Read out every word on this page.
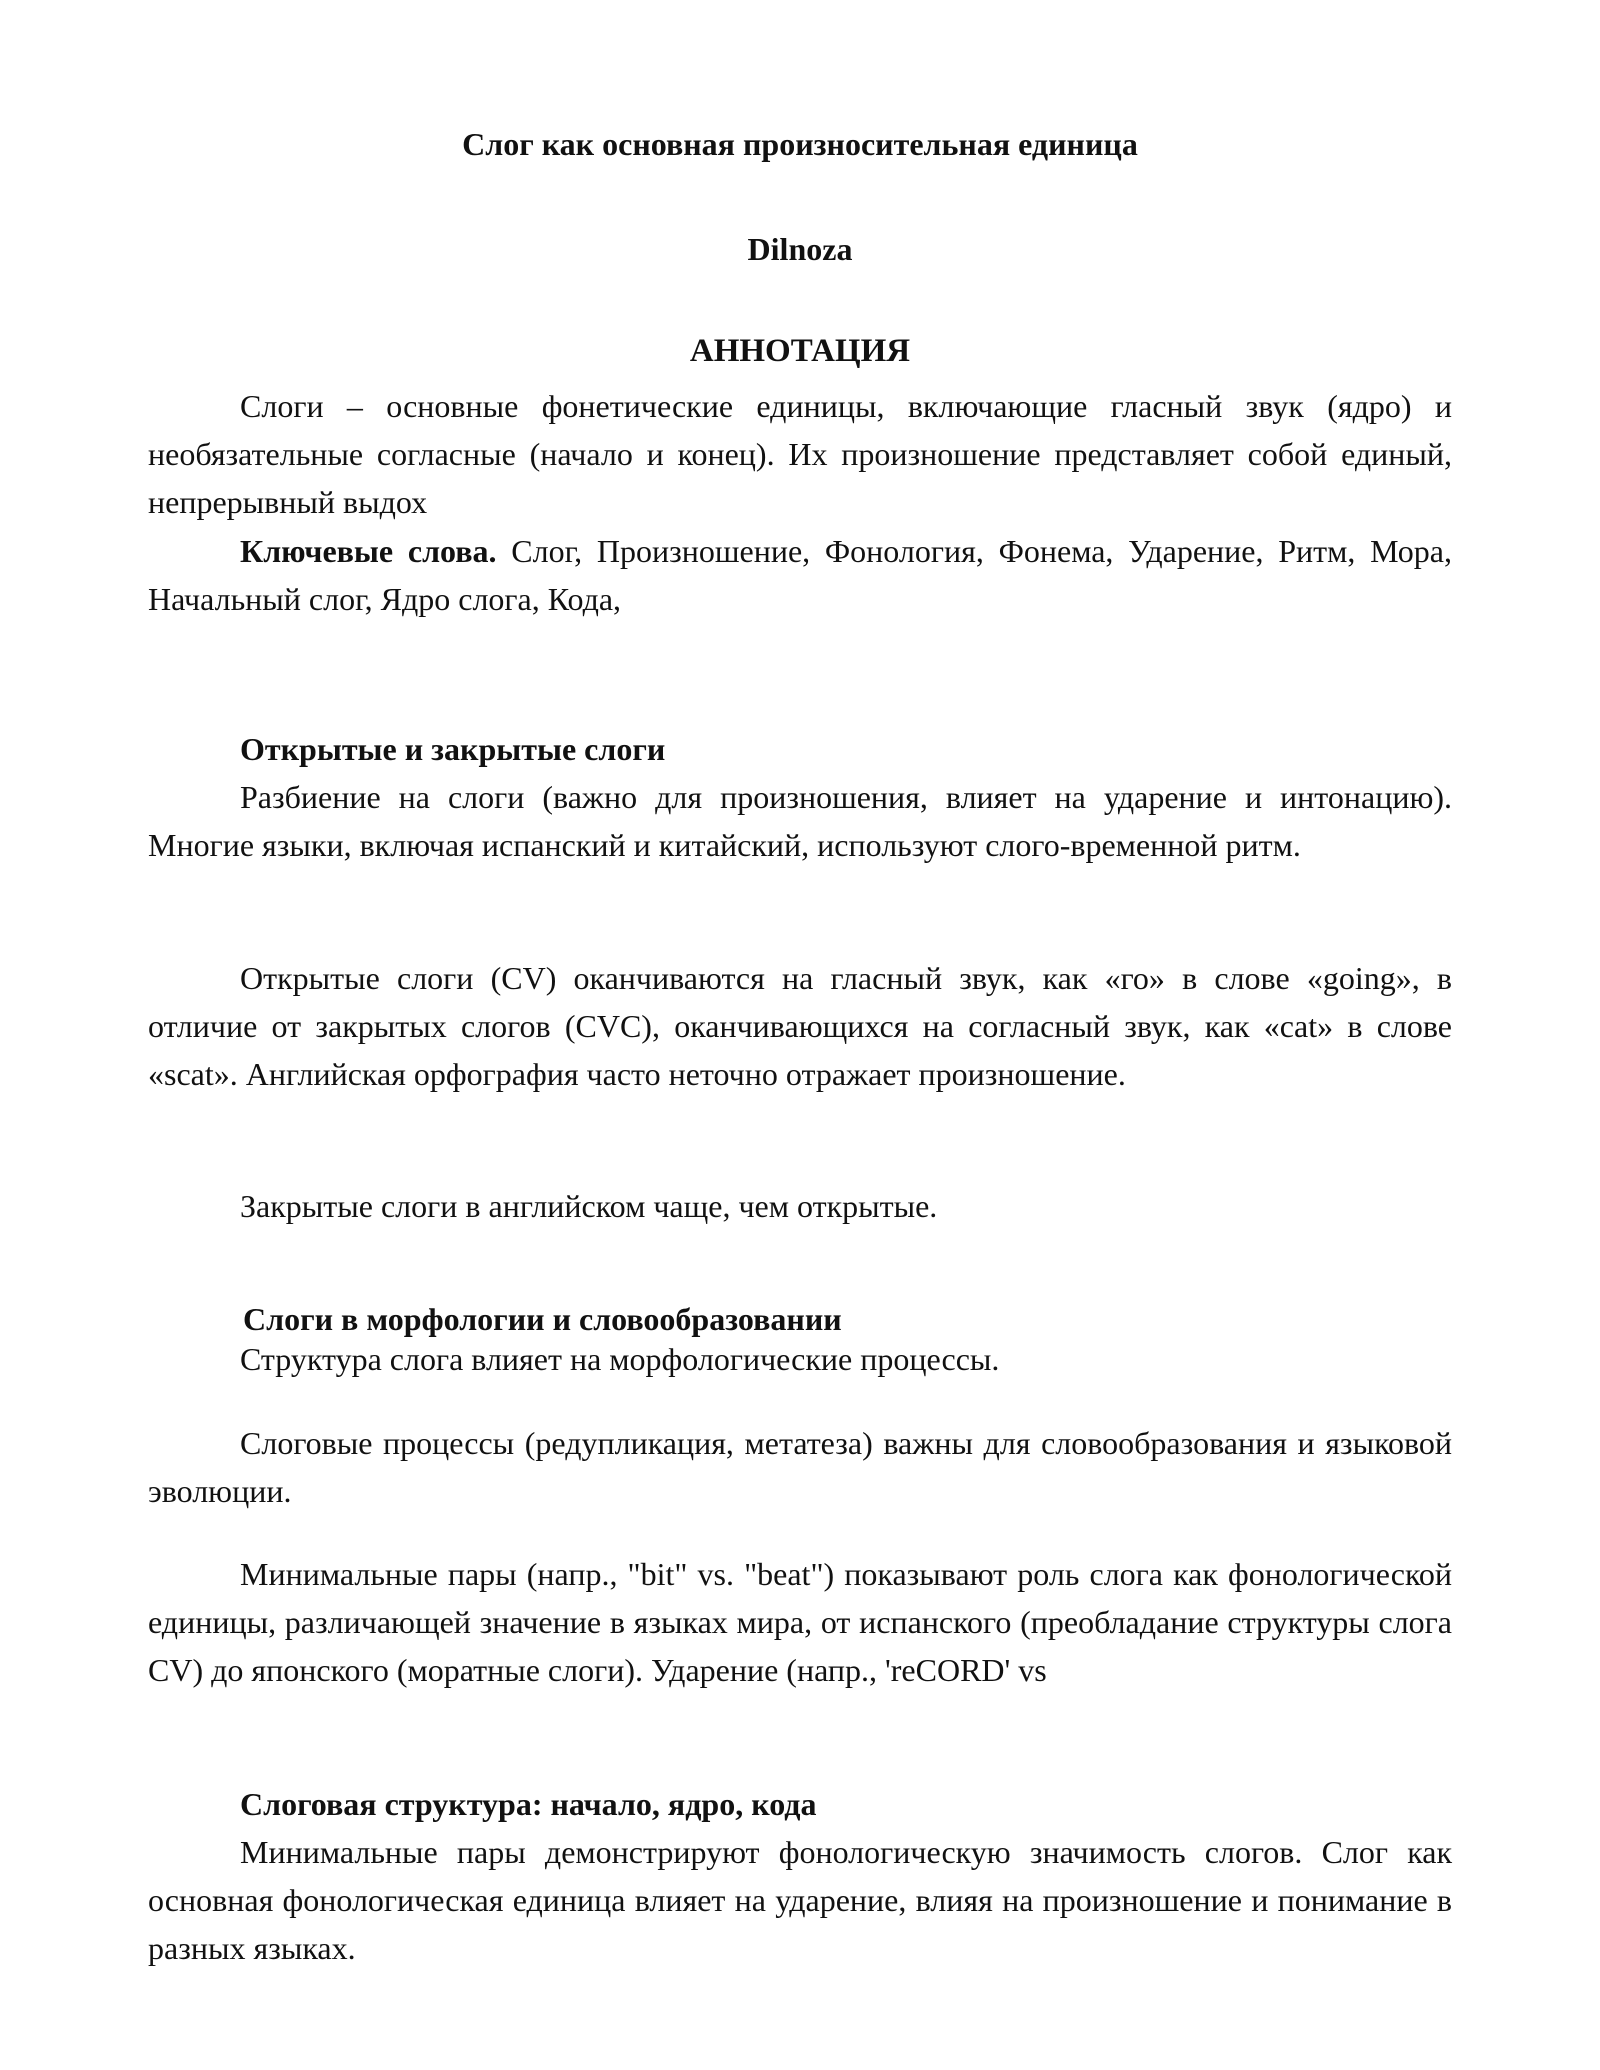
Слог как основная произносительная единица
Dilnoza
АННОТАЦИЯ

Слоги – основные фонетические единицы, включающие гласный звук (ядро) и необязательные согласные (начало и конец). Их произношение представляет собой единый, непрерывный выдох

Ключевые слова. Слог, Произношение, Фонология, Фонема, Ударение, Ритм, Мора, Начальный слог, Ядро слога, Кода,

Открытые и закрытые слоги

Разбиение на слоги (важно для произношения, влияет на ударение и интонацию). Многие языки, включая испанский и китайский, используют слого-временной ритм.

Открытые слоги (CV) оканчиваются на гласный звук, как «го» в слове «going», в отличие от закрытых слогов (CVC), оканчивающихся на согласный звук, как «cat» в слове «scat». Английская орфография часто неточно отражает произношение.

Закрытые слоги в английском чаще, чем открытые.

Слоги в морфологии и словообразовании

Структура слога влияет на морфологические процессы.

Слоговые процессы (редупликация, метатеза) важны для словообразования и языковой эволюции.

Минимальные пары (напр., "bit" vs. "beat") показывают роль слога как фонологической единицы, различающей значение в языках мира, от испанского (преобладание структуры слога CV) до японского (моратные слоги). Ударение (напр., 'reCORD' vs

Слоговая структура: начало, ядро, кода

Минимальные пары демонстрируют фонологическую значимость слогов. Слог как основная фонологическая единица влияет на ударение, влияя на произношение и понимание в разных языках.
